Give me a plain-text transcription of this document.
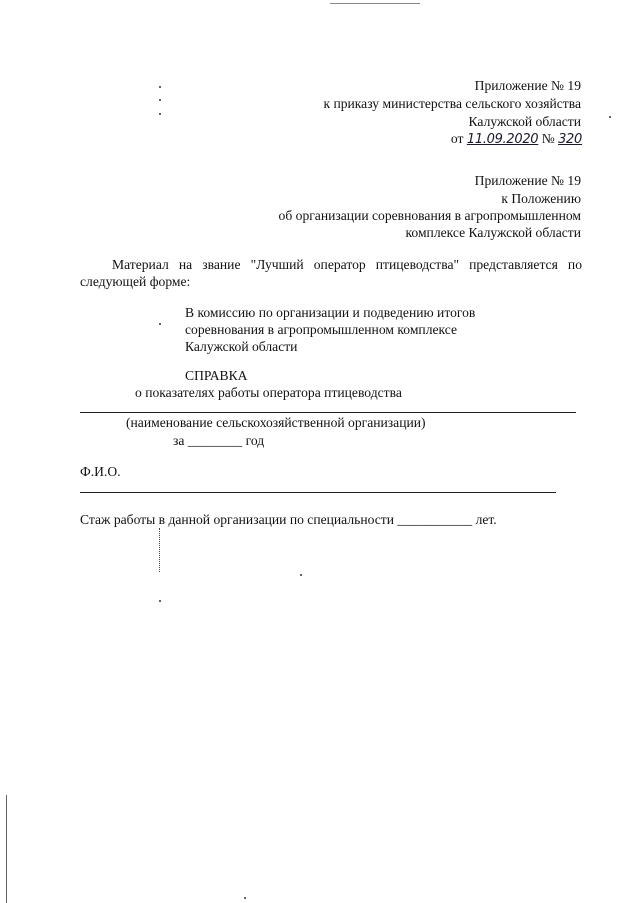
Приложение № 19
к приказу министерства сельского хозяйства
Калужской области
от 11.09.2020 № 320
Приложение № 19
к Положению
об организации соревнования в агропромышленном
комплексе Калужской области
Материал на звание "Лучший оператор птицеводства" представляется по
следующей форме:
В комиссию по организации и подведению итогов
соревнования в агропромышленном комплексе
Калужской области
СПРАВКА
о показателях работы оператора птицеводства
(наименование сельскохозяйственной организации)
за ________ год
Ф.И.О.
Стаж работы в данной организации по специальности ___________ лет.
